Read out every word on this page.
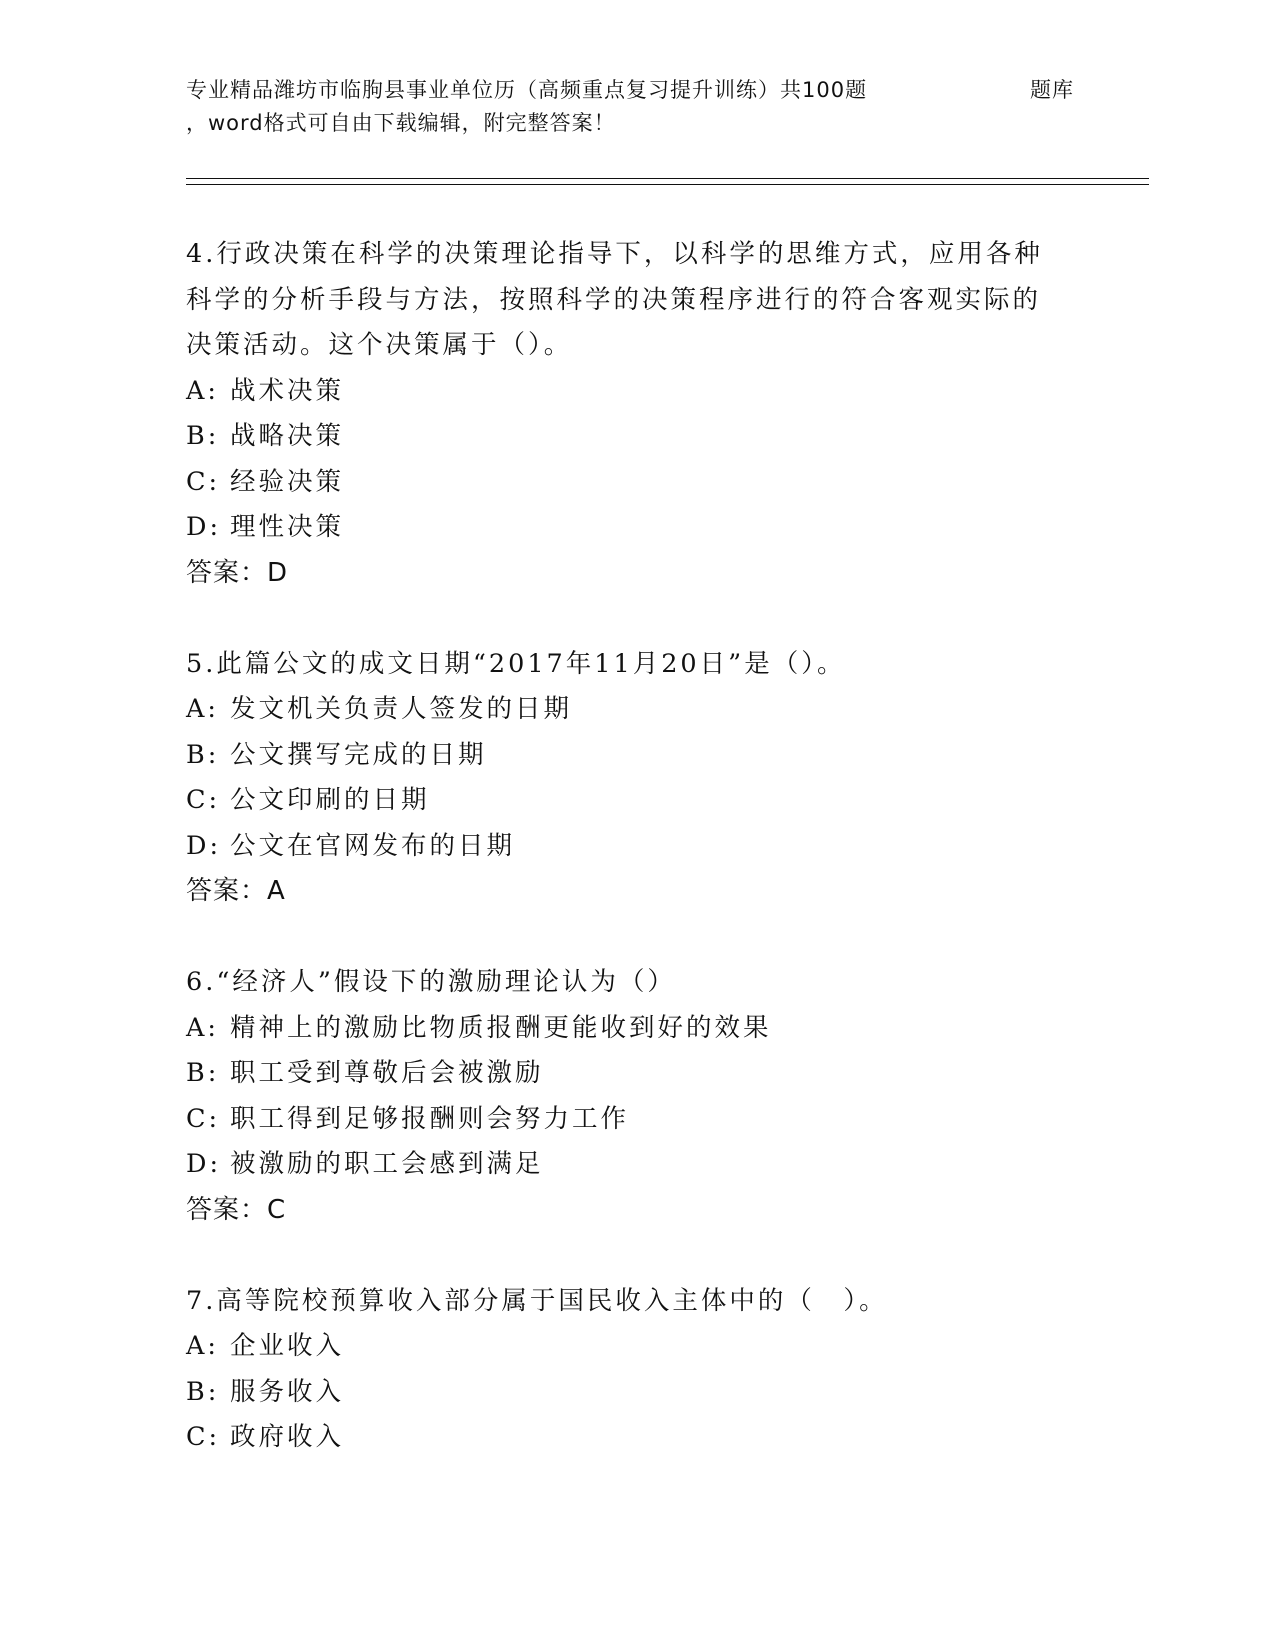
专业精品潍坊市临朐县事业单位历（高频重点复习提升训练）共100题	题库
，word格式可自由下载编辑，附完整答案！
4.行政决策在科学的决策理论指导下，以科学的思维方式，应用各种科学的分析手段与方法，按照科学的决策程序进行的符合客观实际的决策活动。这个决策属于（）。
A: 战术决策
B: 战略决策
C: 经验决策
D: 理性决策
答案：D
5.此篇公文的成文日期“2017年11月20日”是（）。
A: 发文机关负责人签发的日期
B: 公文撰写完成的日期
C: 公文印刷的日期
D: 公文在官网发布的日期
答案：A
6.“经济人”假设下的激励理论认为（）
A: 精神上的激励比物质报酬更能收到好的效果
B: 职工受到尊敬后会被激励
C: 职工得到足够报酬则会努力工作
D: 被激励的职工会感到满足
答案：C
7.高等院校预算收入部分属于国民收入主体中的（　）。
A: 企业收入
B: 服务收入
C: 政府收入
